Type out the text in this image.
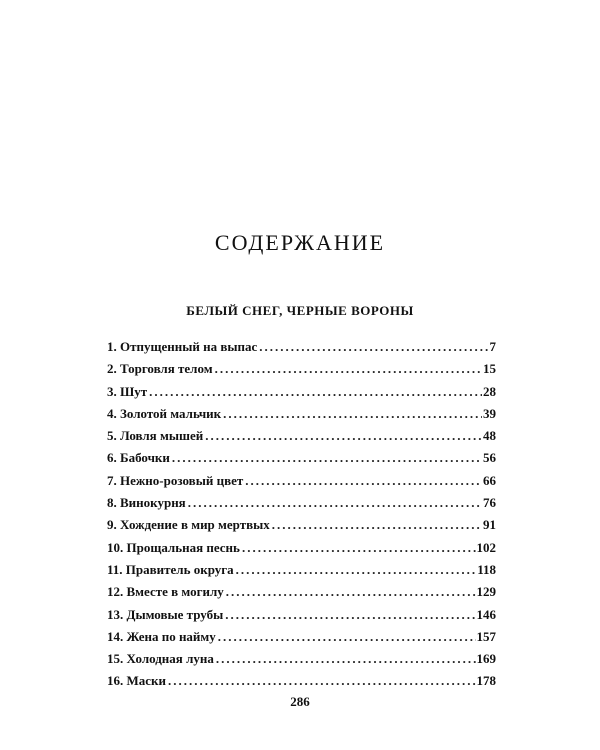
СОДЕРЖАНИЕ
БЕЛЫЙ СНЕГ, ЧЕРНЫЕ ВОРОНЫ
1. Отпущенный на выпас .....	7
2. Торговля телом .....	15
3. Шут .....	28
4. Золотой мальчик .....	39
5. Ловля мышей .....	48
6. Бабочки .....	56
7. Нежно-розовый цвет .....	66
8. Винокурня .....	76
9. Хождение в мир мертвых .....	91
10. Прощальная песнь .....	102
11. Правитель округа .....	118
12. Вместе в могилу .....	129
13. Дымовые трубы .....	146
14. Жена по найму .....	157
15. Холодная луна .....	169
16. Маски .....	178
286
